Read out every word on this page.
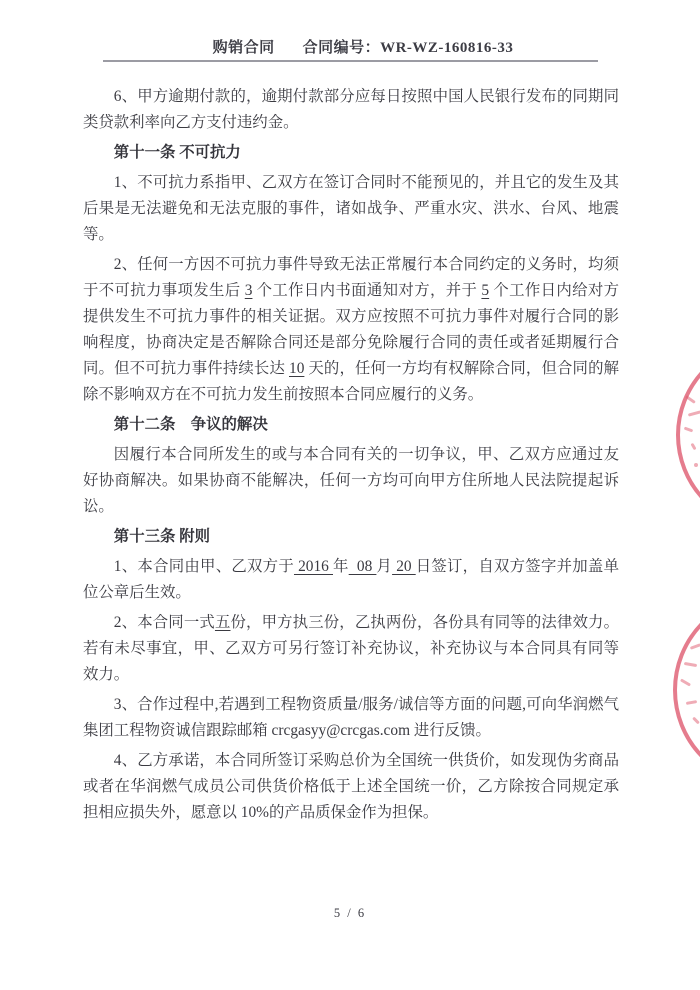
购销合同 合同编号：WR-WZ-160816-33

6、甲方逾期付款的，逾期付款部分应每日按照中国人民银行发布的同期同类贷款利率向乙方支付违约金。

第十一条 不可抗力

1、不可抗力系指甲、乙双方在签订合同时不能预见的，并且它的发生及其后果是无法避免和无法克服的事件，诸如战争、严重水灾、洪水、台风、地震等。

2、任何一方因不可抗力事件导致无法正常履行本合同约定的义务时，均须于不可抗力事项发生后 3 个工作日内书面通知对方，并于 5 个工作日内给对方提供发生不可抗力事件的相关证据。双方应按照不可抗力事件对履行合同的影响程度，协商决定是否解除合同还是部分免除履行合同的责任或者延期履行合同。但不可抗力事件持续长达 10 天的，任何一方均有权解除合同，但合同的解除不影响双方在不可抗力发生前按照本合同应履行的义务。

第十二条　争议的解决

因履行本合同所发生的或与本合同有关的一切争议，甲、乙双方应通过友好协商解决。如果协商不能解决，任何一方均可向甲方住所地人民法院提起诉讼。

第十三条 附则

1、本合同由甲、乙双方于 2016 年  08 月 20 日签订，自双方签字并加盖单位公章后生效。

2、本合同一式五份，甲方执三份，乙执两份，各份具有同等的法律效力。若有未尽事宜，甲、乙双方可另行签订补充协议，补充协议与本合同具有同等效力。

3、合作过程中,若遇到工程物资质量/服务/诚信等方面的问题,可向华润燃气集团工程物资诚信跟踪邮箱 crcgasyy@crcgas.com 进行反馈。

4、乙方承诺，本合同所签订采购总价为全国统一供货价，如发现伪劣商品或者在华润燃气成员公司供货价格低于上述全国统一价，乙方除按合同规定承担相应损失外，愿意以 10%的产品质保金作为担保。

5 / 6
